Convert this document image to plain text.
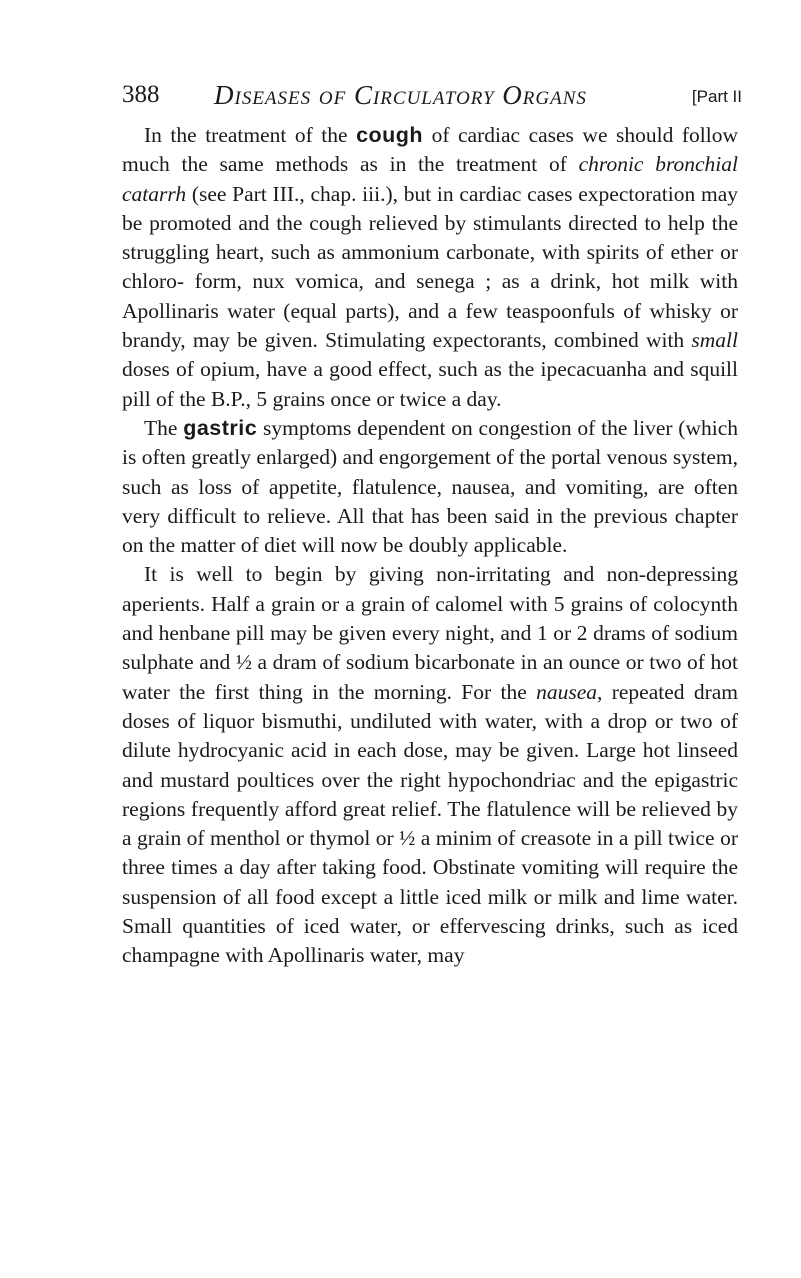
388 Diseases of Circulatory Organs	[Part II

In the treatment of the cough of cardiac cases we should follow much the same methods as in the treatment of chronic bronchial catarrh (see Part III., chap. iii.), but in cardiac cases expectoration may be promoted and the cough relieved by stimulants directed to help the struggling heart, such as ammonium carbonate, with spirits of ether or chloro- form, nux vomica, and senega ; as a drink, hot milk with Apollinaris water (equal parts), and a few teaspoonfuls of whisky or brandy, may be given. Stimulating expectorants, combined with small doses of opium, have a good effect, such as the ipecacuanha and squill pill of the B.P., 5 grains once or twice a day.

The gastric symptoms dependent on congestion of the liver (which is often greatly enlarged) and engorgement of the portal venous system, such as loss of appetite, flatulence, nausea, and vomiting, are often very difficult to relieve. All that has been said in the previous chapter on the matter of diet will now be doubly applicable.

It is well to begin by giving non-irritating and non-depressing aperients. Half a grain or a grain of calomel with 5 grains of colocynth and henbane pill may be given every night, and 1 or 2 drams of sodium sulphate and ½ a dram of sodium bicarbonate in an ounce or two of hot water the first thing in the morning. For the nausea, repeated dram doses of liquor bismuthi, undiluted with water, with a drop or two of dilute hydrocyanic acid in each dose, may be given. Large hot linseed and mustard poultices over the right hypochondriac and the epigastric regions frequently afford great relief. The flatulence will be relieved by a grain of menthol or thymol or ½ a minim of creasote in a pill twice or three times a day after taking food. Obstinate vomiting will require the suspension of all food except a little iced milk or milk and lime water. Small quantities of iced water, or effervescing drinks, such as iced champagne with Apollinaris water, may
